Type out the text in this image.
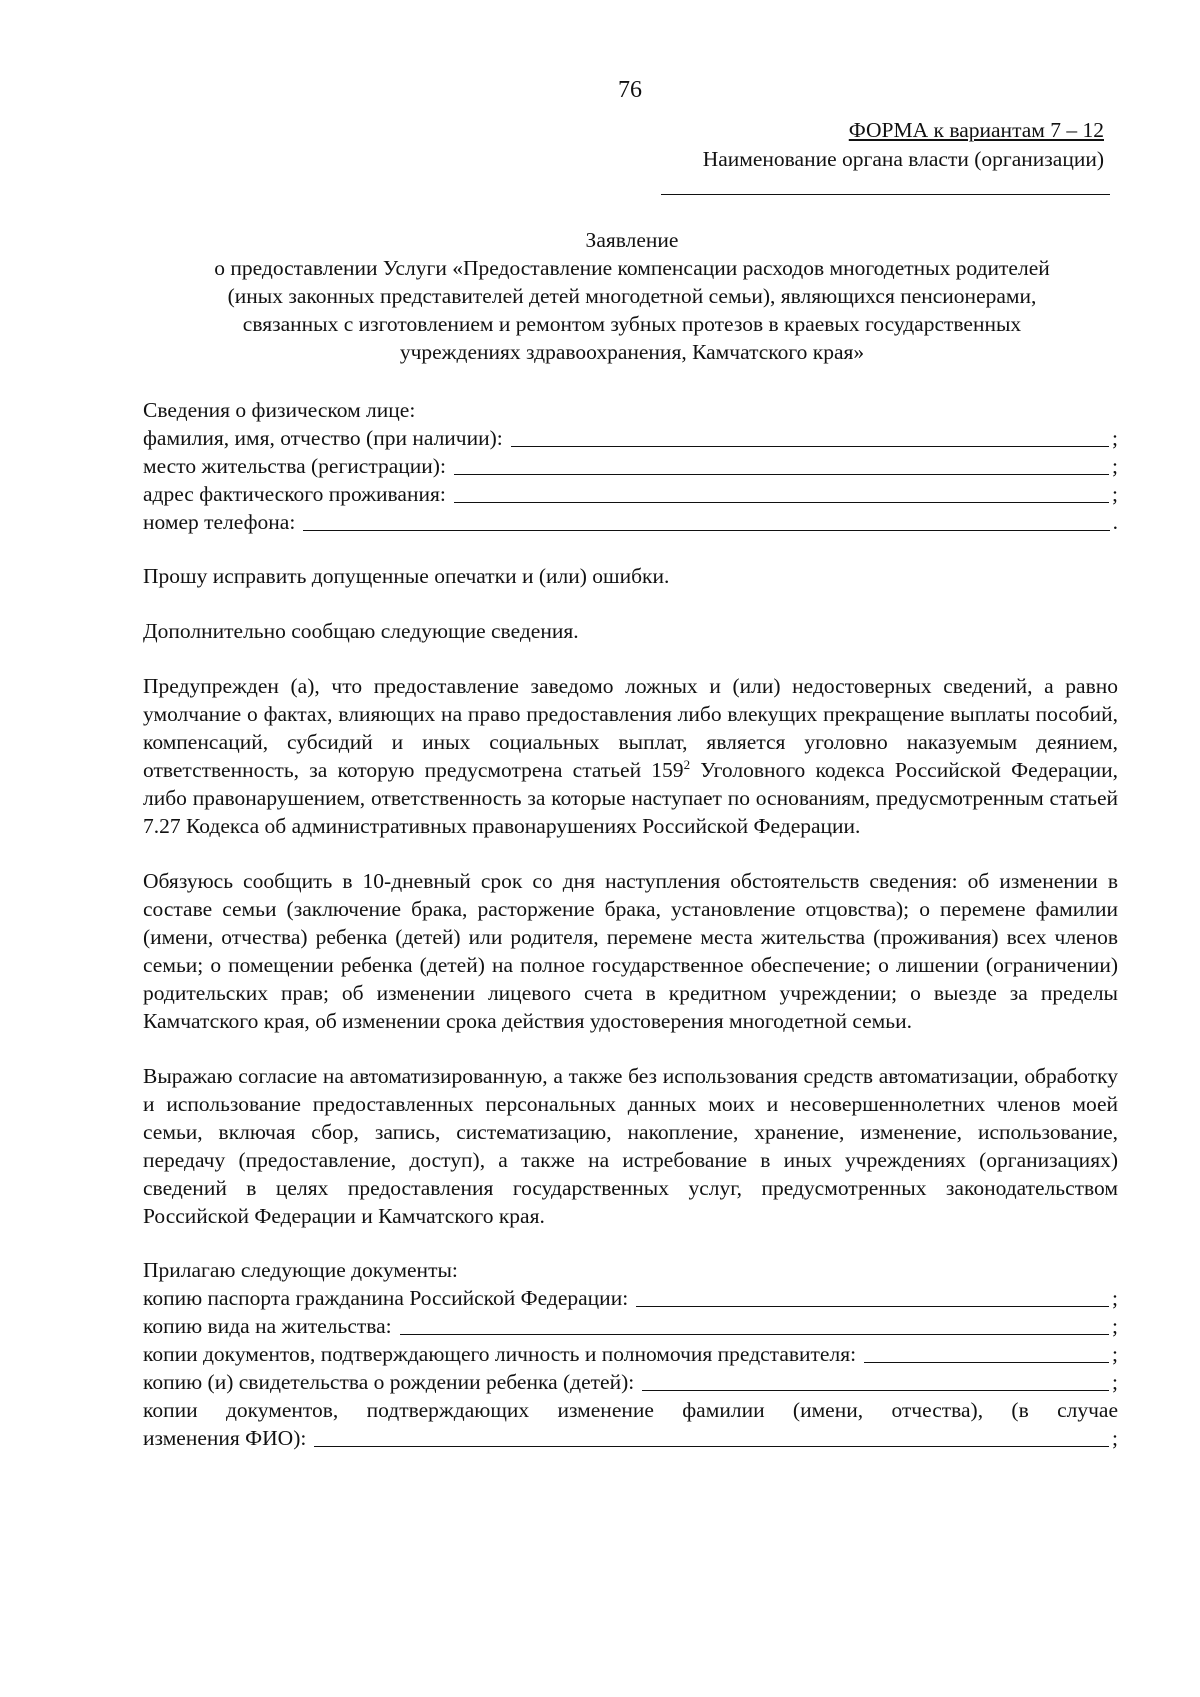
76
ФОРМА к вариантам 7 – 12
Наименование органа власти (организации)
Заявление
о предоставлении Услуги «Предоставление компенсации расходов многодетных родителей
(иных законных представителей детей многодетной семьи), являющихся пенсионерами,
связанных с изготовлением и ремонтом зубных протезов в краевых государственных
учреждениях здравоохранения, Камчатского края»
Сведения о физическом лице:
фамилия, имя, отчество (при наличии):	;
место жительства (регистрации):	;
адрес фактического проживания:	;
номер телефона:	.
Прошу исправить допущенные опечатки и (или) ошибки.
Дополнительно сообщаю следующие сведения.
Предупрежден (а), что предоставление заведомо ложных и (или) недостоверных сведений, а равно умолчание о фактах, влияющих на право предоставления либо влекущих прекращение выплаты пособий, компенсаций, субсидий и иных социальных выплат, является уголовно наказуемым деянием, ответственность, за которую предусмотрена статьей $159^2$ Уголовного кодекса Российской Федерации, либо правонарушением, ответственность за которые наступает по основаниям, предусмотренным статьей 7.27 Кодекса об административных правонарушениях Российской Федерации.
Обязуюсь сообщить в 10-дневный срок со дня наступления обстоятельств сведения: об изменении в составе семьи (заключение брака, расторжение брака, установление отцовства); о перемене фамилии (имени, отчества) ребенка (детей) или родителя, перемене места жительства (проживания) всех членов семьи; о помещении ребенка (детей) на полное государственное обеспечение; о лишении (ограничении) родительских прав; об изменении лицевого счета в кредитном учреждении; о выезде за пределы Камчатского края, об изменении срока действия удостоверения многодетной семьи.
Выражаю согласие на автоматизированную, а также без использования средств автоматизации, обработку и использование предоставленных персональных данных моих и несовершеннолетних членов моей семьи, включая сбор, запись, систематизацию, накопление, хранение, изменение, использование, передачу (предоставление, доступ), а также на истребование в иных учреждениях (организациях) сведений в целях предоставления государственных услуг, предусмотренных законодательством Российской Федерации и Камчатского края.
Прилагаю следующие документы:
копию паспорта гражданина Российской Федерации:	;
копию вида на жительства:	;
копии документов, подтверждающего личность и полномочия представителя:	;
копию (и) свидетельства о рождении ребенка (детей):	;
копии документов, подтверждающих изменение фамилии (имени, отчества), (в случае
изменения ФИО):	;
